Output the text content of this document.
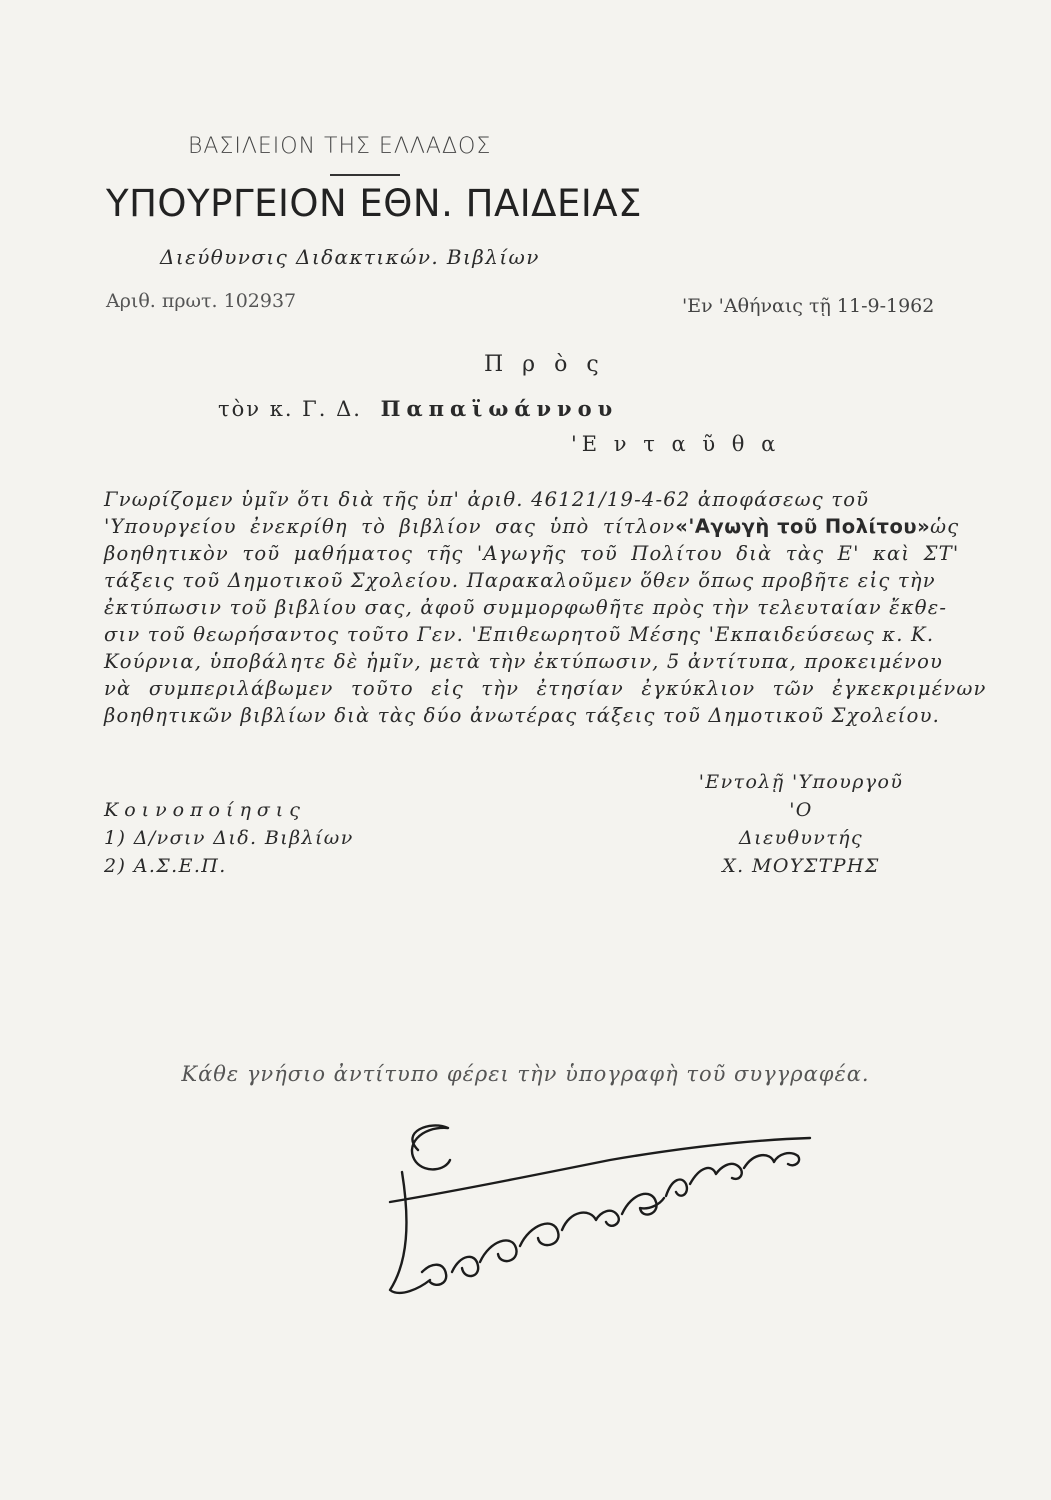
ΒΑΣΙΛΕΙΟΝ ΤΗΣ ΕΛΛΑΔΟΣ
ΥΠΟΥΡΓΕΙΟΝ ΕΘΝ. ΠΑΙΔΕΙΑΣ
Διεύθυνσις Διδακτικών. Βιβλίων
Αριθ. πρωτ. 102937	'Εν 'Αθήναις τῇ 11-9-1962
Π ρ ὸ ς
τὸν κ. Γ. Δ. Παπαϊωάννου
'Ε ν τ α ῦ θ α
Γνωρίζομεν ὑμῖν ὅτι διὰ τῆς ὑπ' ἀριθ. 46121/19-4-62 ἀποφάσεως τοῦ
'Υπουργείου ἐνεκρίθη τὸ βιβλίον σας ὑπὸ τίτλον «'Αγωγὴ τοῦ Πολίτου» ὡς
βοηθητικὸν τοῦ μαθήματος τῆς 'Αγωγῆς τοῦ Πολίτου διὰ τὰς Ε' καὶ ΣΤ'
τάξεις τοῦ Δημοτικοῦ Σχολείου. Παρακαλοῦμεν ὅθεν ὅπως προβῆτε εἰς τὴν
ἐκτύπωσιν τοῦ βιβλίου σας, ἀφοῦ συμμορφωθῆτε πρὸς τὴν τελευταίαν ἔκθε-
σιν τοῦ θεωρήσαντος τοῦτο Γεν. 'Επιθεωρητοῦ Μέσης 'Εκπαιδεύσεως κ. Κ.
Κούρνια, ὑποβάλητε δὲ ἡμῖν, μετὰ τὴν ἐκτύπωσιν, 5 ἀντίτυπα, προκειμένου
νὰ συμπεριλάβωμεν τοῦτο εἰς τὴν ἐτησίαν ἐγκύκλιον τῶν ἐγκεκριμένων
βοηθητικῶν βιβλίων διὰ τὰς δύο ἀνωτέρας τάξεις τοῦ Δημοτικοῦ Σχολείου.
'Εντολῇ 'Υπουργοῦ
'Ο
Διευθυντής
Χ. ΜΟΥΣΤΡΗΣ
Κοινοποίησις
1) Δ/νσιν Διδ. Βιβλίων
2) Α.Σ.Ε.Π.
Κάθε γνήσιο ἀντίτυπο φέρει τὴν ὑπογραφὴ τοῦ συγγραφέα.
